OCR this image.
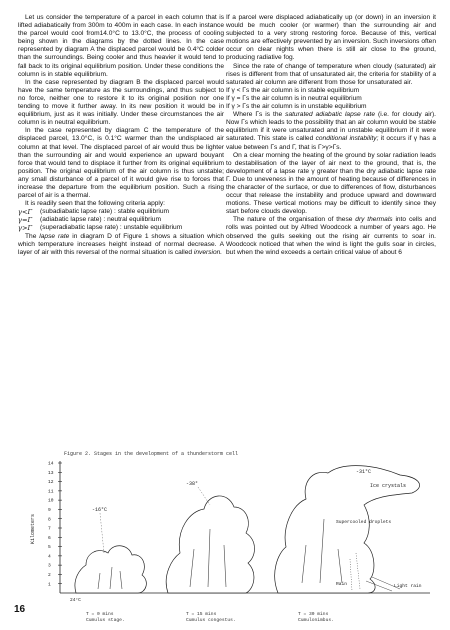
Let us consider the temperature of a parcel in each column that is lifted adiabatically from 300m to 400m in each case. In each instance the parcel would cool from14.0°C to 13.0°C, the process of cooling being shown in the diagrams by the dotted lines. In the case represented by diagram A the displaced parcel would be 0.4°C colder than the surroundings. Being cooler and thus heavier it would tend to fall back to its original equilibrium position. Under these conditions the column is in stable equilibrium.

In the case represented by diagram B the displaced parcel would have the same temperature as the surroundings, and thus subject to no force, neither one to restore it to its original position nor one tending to move it further away. In its new position it would be in equilibrium, just as it was initially. Under these circumstances the air column is in neutral equilibrium.

In the case represented by diagram C the temperature of the displaced parcel, 13.0°C, is 0.1°C warmer than the undisplaced air column at that level. The displaced parcel of air would thus be lighter than the surrounding air and would experience an upward bouyant force that would tend to displace it further from its original equilibrium position. The original equilibrium of the air column is thus unstable; any small disturbance of a parcel of it would give rise to forces that increase the departure from the equilibrium position. Such a rising parcel of air is a thermal.

It is readily seen that the following criteria apply:

γ<Γ	(subadiabatic lapse rate) : stable equilibrium
γ=Γ	(adiabatic lapse rate) : neutral equilibrium
γ>Γ	(superadiabatic lapse rate) : unstable equilibrium

The lapse rate in diagram D of Figure 1 shows a situation which which temperature increases height instead of normal decrease. A layer of air with this reversal of the normal situation is called inversion.

If a parcel were displaced adiabatically up (or down) in an inversion it would be much cooler (or warmer) than the surrounding air and subjected to a very strong restoring force. Because of this, vertical motions are effectively prevented by an inversion. Such inversions often occur on clear nights when there is still air close to the ground, producing radiative fog.

Since the rate of change of temperature when cloudy (saturated) air rises is different from that of unsaturated air, the criteria for stability of a saturated air column are different from those for unsaturated air.

If γ < Γs the air column is in stable equilibrium

If γ = Γs the air column is in neutral equilibrium

If γ > Γs the air column is in unstable equilibrium

Where Γs is the saturated adiabatic lapse rate (i.e. for cloudy air). Now Γs which leads to the possibility that an air column would be stable equilibrium if it were unsaturated and in unstable equilibrium if it were saturated. This state is called conditional instability; it occurs if γ has a value between Γs and Γ, that is Γ>γ>Γs.

On a clear morning the heating of the ground by solar radiation leads to destabilisation of the layer of air next to the ground, that is, the development of a lapse rate γ greater than the dry adiabatic lapse rate Γ. Due to uneveness in the amount of heating because of differences in the character of the surface, or due to differences of flow, disturbances occur that release the instability and produce upward and downward motions. These vertical motions may be difficult to identify since they start before clouds develop.

The nature of the organisation of these dry thermals into cells and rolls was pointed out by Alfred Woodcock a number of years ago. He observed the gulls seeking out the rising air currents to soar in. Woodcock noticed that when the wind is light the gulls soar in circles, but when the wind exceeds a certain critical value of about 6

Figure 2. Stages in the development of a thunderstorm cell
14
13
12
11
10
9
8
7
6
5
4
3
2
1
Kilometers
-16°C
24°C
-38°
-31°C
Ice crystals
Supercooled droplets
Rain	Light rain
T = 0 mins
Cumulus stage.
T = 15 mins
Cumulus congestus.
T = 30 mins
Cumulonimbus.
16
